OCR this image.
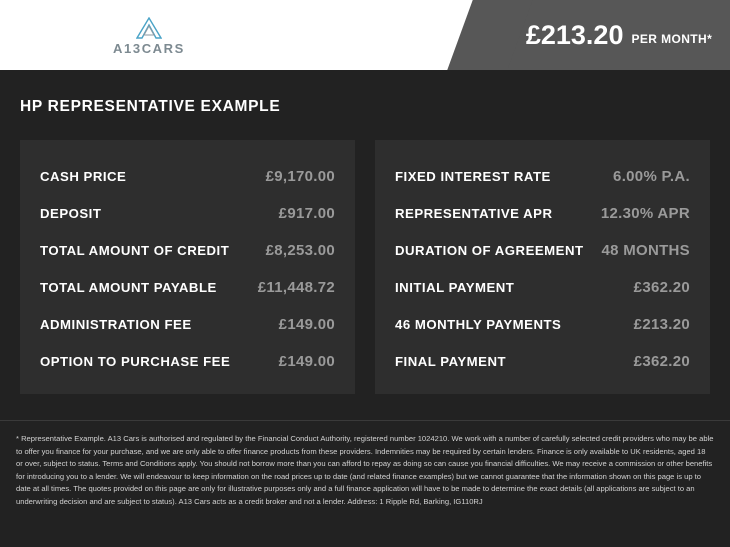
A13CARS	£213.20 PER MONTH*
HP REPRESENTATIVE EXAMPLE
CASH PRICE	£9,170.00
DEPOSIT	£917.00
TOTAL AMOUNT OF CREDIT £8,253.00
TOTAL AMOUNT PAYABLE	£11,448.72
ADMINISTRATION FEE	£149.00
OPTION TO PURCHASE FEE	£149.00
FIXED INTEREST RATE	6.00% P.A.
REPRESENTATIVE APR	12.30% APR
DURATION OF AGREEMENT 48 MONTHS
INITIAL PAYMENT	£362.20
46 MONTHLY PAYMENTS	£213.20
FINAL PAYMENT	£362.20
* Representative Example. A13 Cars is authorised and regulated by the Financial Conduct Authority, registered number 1024210. We work with a number of carefully selected credit providers who may be able to offer you finance for your purchase, and we are only able to offer finance products from these providers. Indemnities may be required by certain lenders. Finance is only available to UK residents, aged 18 or over, subject to status. Terms and Conditions apply. You should not borrow more than you can afford to repay as doing so can cause you financial difficulties. We may receive a commission or other benefits for introducing you to a lender. We will endeavour to keep information on the road prices up to date (and related finance examples) but we cannot guarantee that the information shown on this page is up to date at all times. The quotes provided on this page are only for illustrative purposes only and a full finance application will have to be made to determine the exact details (all applications are subject to an underwriting decision and are subject to status). A13 Cars acts as a credit broker and not a lender. Address: 1 Ripple Rd, Barking, IG110RJ
